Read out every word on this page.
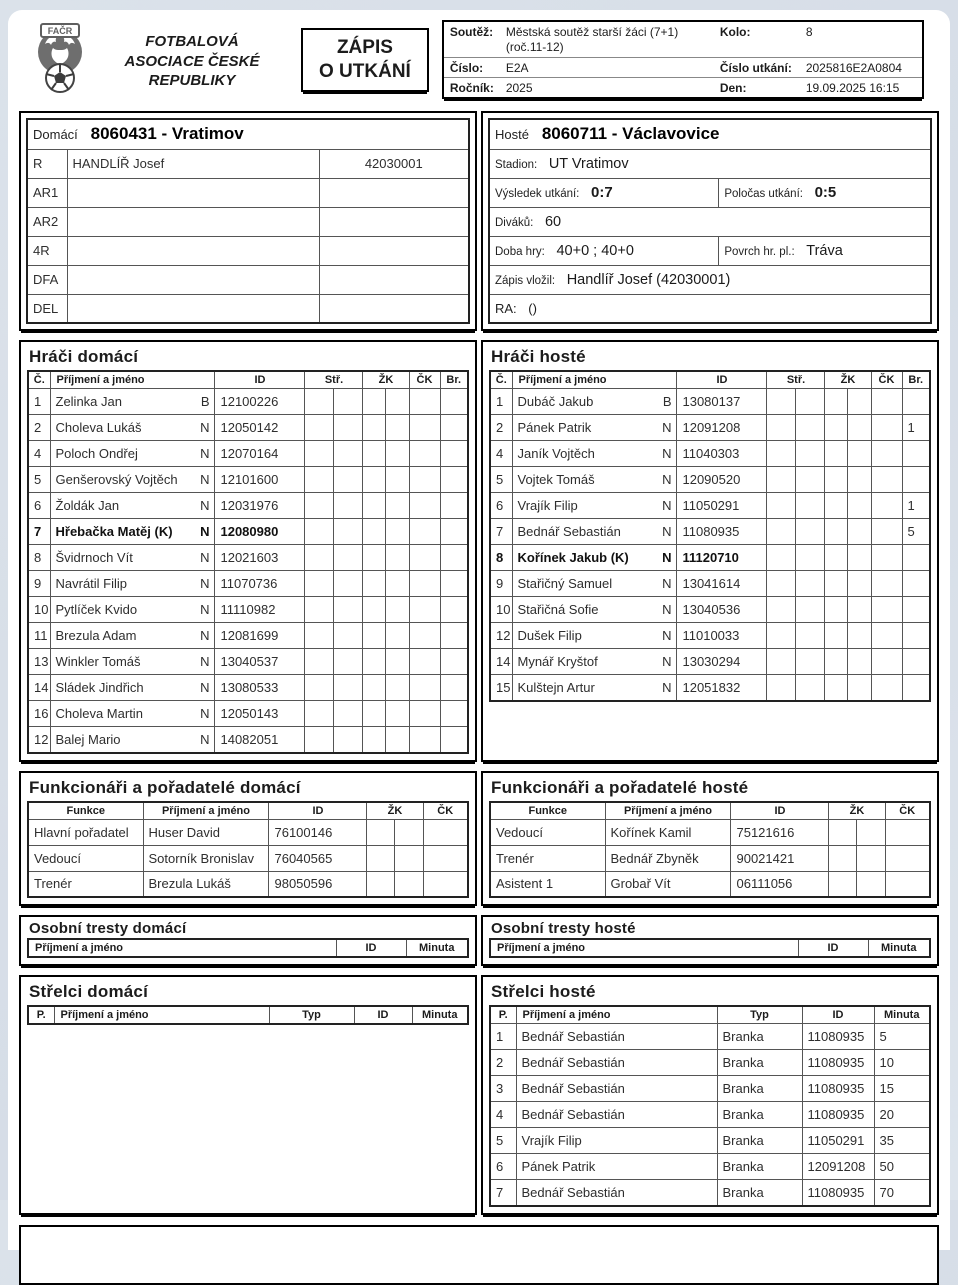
FAČR
FOTBALOVÁ
ASOCIACE ČESKÉ
REPUBLIKY
ZÁPIS
O UTKÁNÍ
Soutěž:	Městská soutěž starší žáci (7+1) (roč.11-12)
Kolo:	8
Číslo:	E2A	Číslo utkání:	2025816E2A0804
Ročník: 2025	Den:	19.09.2025 16:15
Domácí 8060431 - Vratimov		
R	HANDLÍŘ Josef	42030001
AR1		
AR2		
4R		
DFA		
DEL		
Hosté 8060711 - Václavovice	
Stadion: UT Vratimov	
Výsledek utkání: 0:7	Poločas utkání: 0:5
Diváků: 60	
Doba hry: 40+0 ; 40+0	Povrch hr. pl.: Tráva
Zápis vložil: Handlíř Josef (42030001)	
RA: ()	
Hráči domácí
Č.	Příjmení a jméno	ID	Stř.		ŽK		ČK	Br.
1	Zelinka Jan B	12100226						
2	Choleva Lukáš N	12050142						
4	Poloch Ondřej N	12070164						
5	Genšerovský Vojtěch N	12101600						
6	Žoldák Jan N	12031976						
7	Hřebačka Matěj (K) N	12080980						
8	Švidrnoch Vít N	12021603						
9	Navrátil Filip N	11070736						
10	Pytlíček Kvido N	11110982						
11	Brezula Adam N	12081699						
13	Winkler Tomáš N	13040537						
14	Sládek Jindřich N	13080533						
16	Choleva Martin N	12050143						
12	Balej Mario N	14082051						
Hráči hosté
Č.	Příjmení a jméno	ID	Stř.		ŽK		ČK	Br.
1	Dubáč Jakub B	13080137						
2	Pánek Patrik N	12091208						1
4	Janík Vojtěch N	11040303						
5	Vojtek Tomáš N	12090520						
6	Vrajík Filip N	11050291						1
7	Bednář Sebastián N	11080935						5
8	Kořínek Jakub (K) N	11120710						
9	Stařičný Samuel N	13041614						
10	Stařičná Sofie N	13040536						
12	Dušek Filip N	11010033						
14	Mynář Kryštof N	13030294						
15	Kulštejn Artur N	12051832						
Funkcionáři a pořadatelé domácí
Funkce	Příjmení a jméno	ID	ŽK		ČK
Hlavní pořadatel	Huser David	76100146			
Vedoucí	Sotorník Bronislav	76040565			
Trenér	Brezula Lukáš	98050596			
Funkcionáři a pořadatelé hosté
Funkce	Příjmení a jméno	ID	ŽK		ČK
Vedoucí	Kořínek Kamil	75121616			
Trenér	Bednář Zbyněk	90021421			
Asistent 1	Grobař Vít	06111056			
Osobní tresty domácí
Příjmení a jméno	ID	Minuta
Osobní tresty hosté
Příjmení a jméno	ID	Minuta
Střelci domácí
P.	Příjmení a jméno	Typ	ID	Minuta
Střelci hosté
P.	Příjmení a jméno	Typ	ID	Minuta
1	Bednář Sebastián	Branka	11080935	5
2	Bednář Sebastián	Branka	11080935	10
3	Bednář Sebastián	Branka	11080935	15
4	Bednář Sebastián	Branka	11080935	20
5	Vrajík Filip	Branka	11050291	35
6	Pánek Patrik	Branka	12091208	50
7	Bednář Sebastián	Branka	11080935	70
